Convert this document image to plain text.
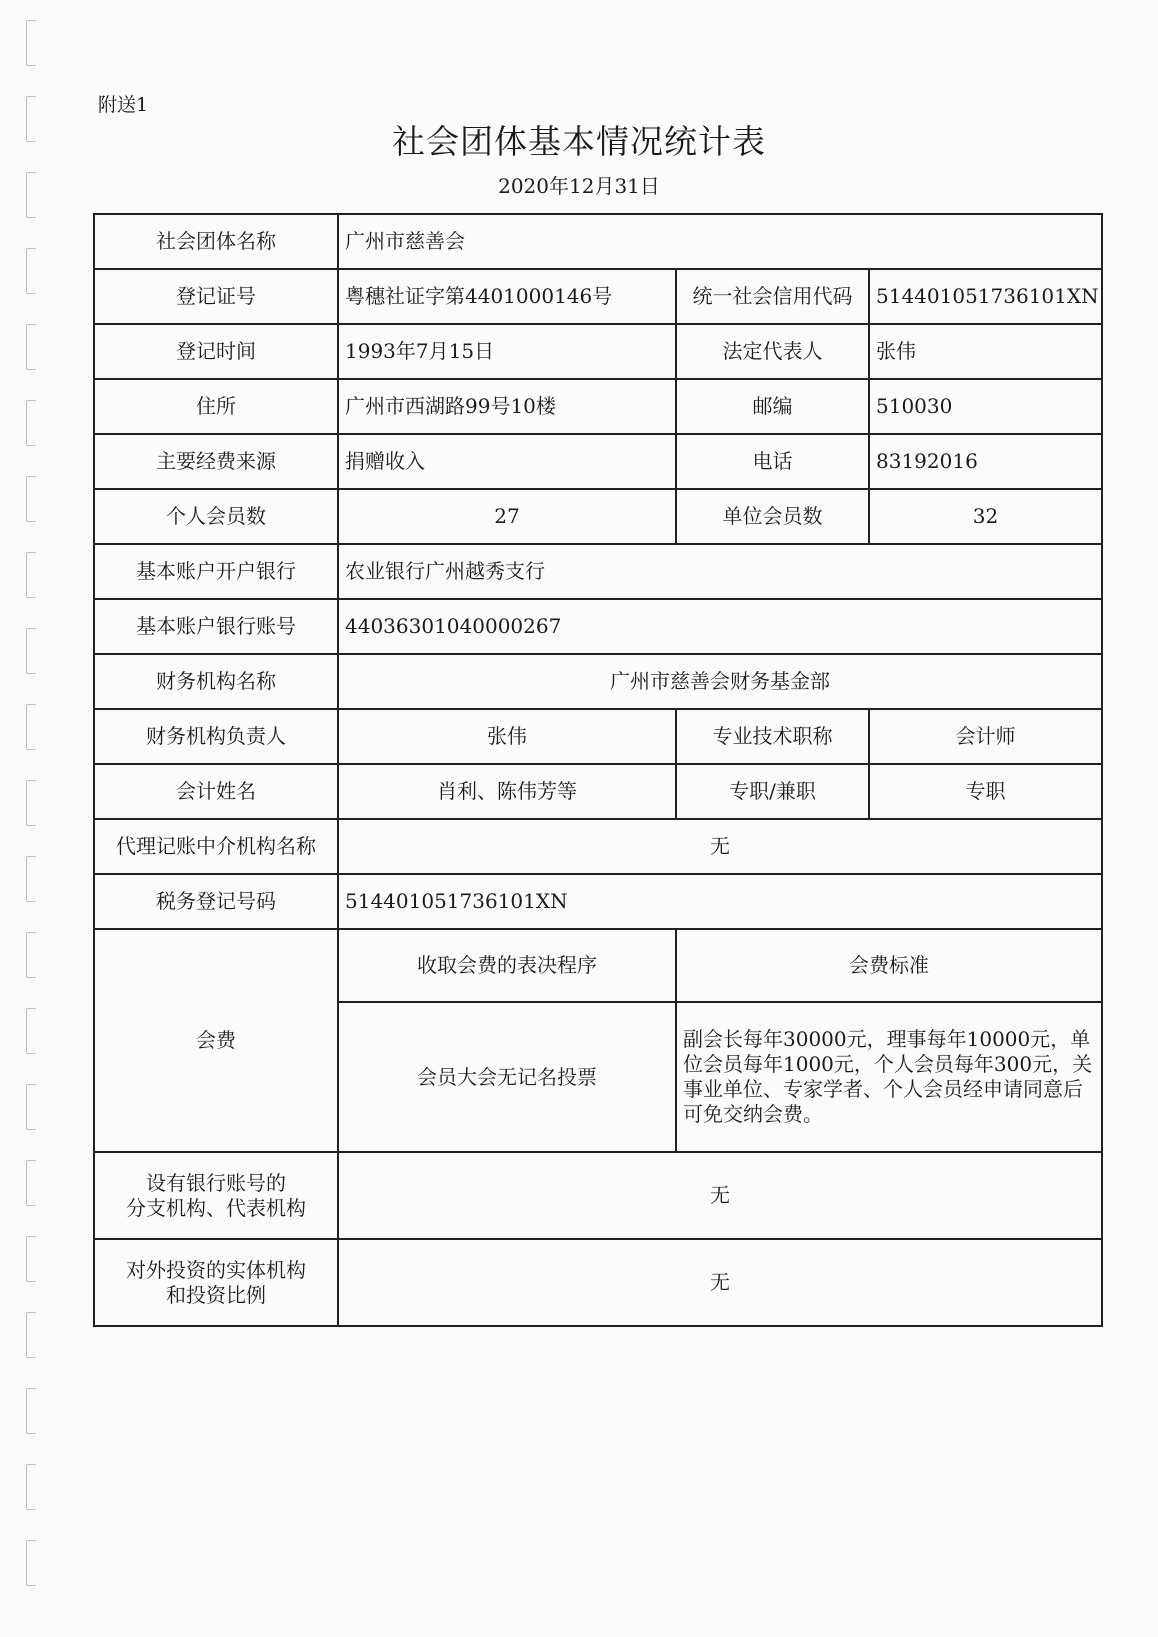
附送1
社会团体基本情况统计表
2020年12月31日
社会团体名称	广州市慈善会		
登记证号	粤穗社证字第4401000146号	统一社会信用代码	514401051736101XN
登记时间	1993年7月15日	法定代表人	张伟
住所	广州市西湖路99号10楼	邮编	510030
主要经费来源	捐赠收入	电话	83192016
个人会员数	27	单位会员数	32
基本账户开户银行	农业银行广州越秀支行		
基本账户银行账号	44036301040000267		
财务机构名称	广州市慈善会财务基金部		
财务机构负责人	张伟	专业技术职称	会计师
会计姓名	肖利、陈伟芳等	专职/兼职	专职
代理记账中介机构名称	无		
税务登记号码	514401051736101XN		
会费	收取会费的表决程序	会费标准	
	会员大会无记名投票	副会长每年30000元，理事每年10000元，单位会员每年1000元，个人会员每年300元，关事业单位、专家学者、个人会员经申请同意后可免交纳会费。	

设有银行账号的
分支机构、代表机构	无		

对外投资的实体机构
和投资比例	无		
